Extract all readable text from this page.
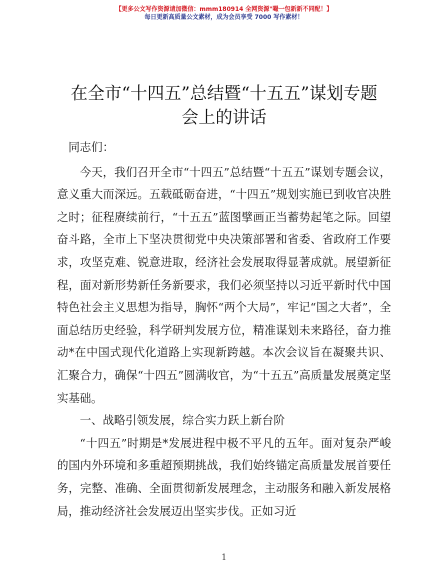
【更多公文写作资源请加微信：mmm180914 全网资源"嘬一包新新不同配！】
每日更新高质量公文素材，成为会员享受 7000 写作素材！
在全市“十四五”总结暨“十五五”谋划专题
会上的讲话

同志们：

今天，我们召开全市“十四五”总结暨“十五五”谋划专题会议，意义重大而深远。五载砥砺奋进，“十四五”规划实施已到收官决胜之时；征程赓续前行，“十五五”蓝图擘画正当蓄势起笔之际。回望奋斗路，全市上下坚决贯彻党中央决策部署和省委、省政府工作要求，攻坚克难、锐意进取，经济社会发展取得显著成就。展望新征程，面对新形势新任务新要求，我们必须坚持以习近平新时代中国特色社会主义思想为指导，胸怀“两个大局”，牢记“国之大者”，全面总结历史经验，科学研判发展方位，精准谋划未来路径，奋力推动*在中国式现代化道路上实现新跨越。本次会议旨在凝聚共识、汇聚合力，确保“十四五”圆满收官，为“十五五”高质量发展奠定坚实基础。

一、战略引领发展，综合实力跃上新台阶

“十四五”时期是*发展进程中极不平凡的五年。面对复杂严峻的国内外环境和多重超预期挑战，我们始终锚定高质量发展首要任务，完整、准确、全面贯彻新发展理念，主动服务和融入新发展格局，推动经济社会发展迈出坚实步伐。正如习近

1
